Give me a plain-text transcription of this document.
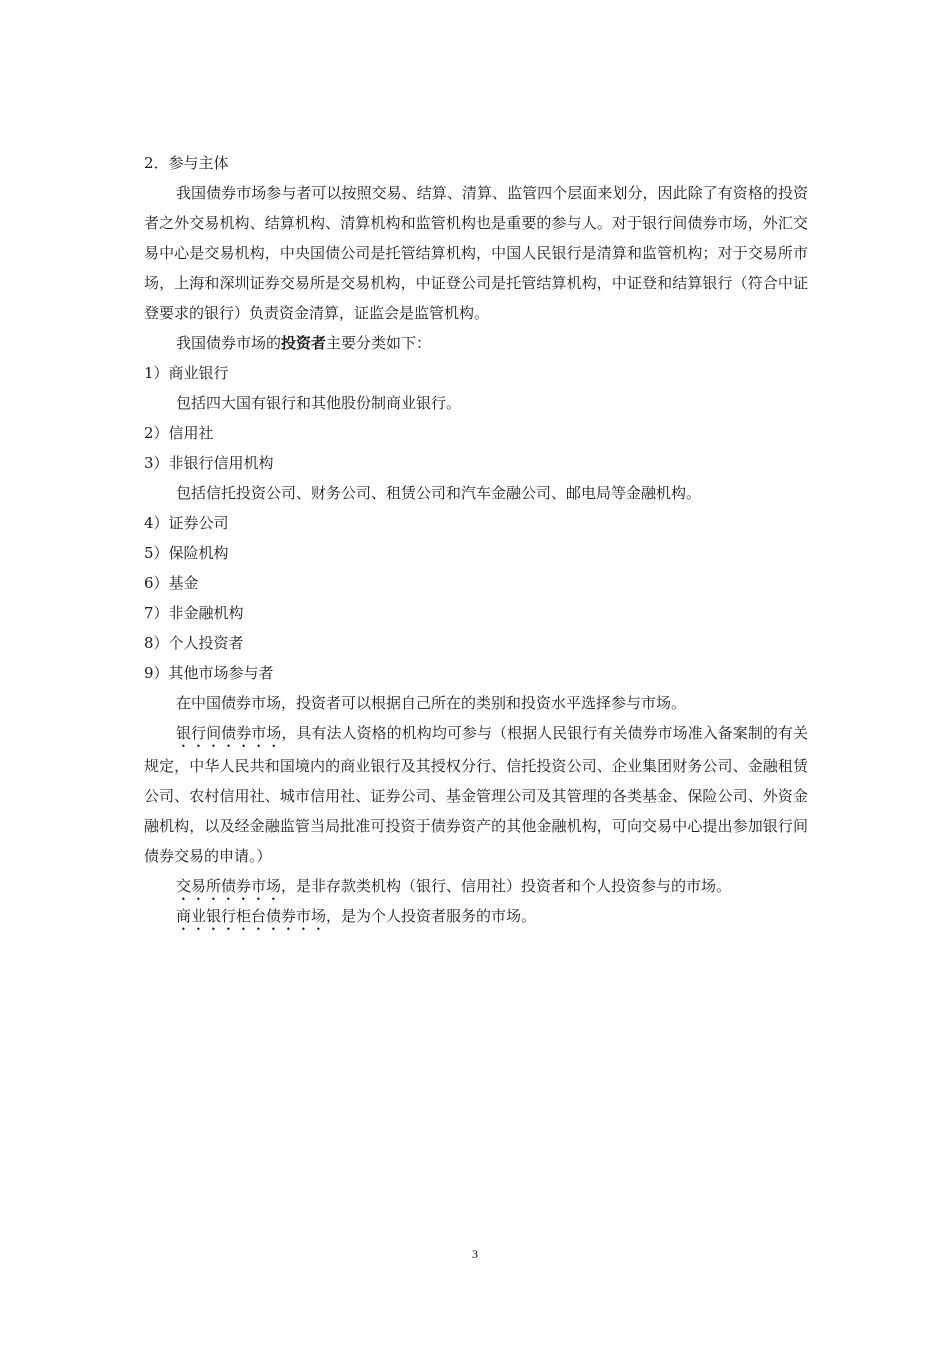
2．参与主体

我国债券市场参与者可以按照交易、结算、清算、监管四个层面来划分，因此除了有资格的投资者之外交易机构、结算机构、清算机构和监管机构也是重要的参与人。对于银行间债券市场，外汇交易中心是交易机构，中央国债公司是托管结算机构，中国人民银行是清算和监管机构；对于交易所市场，上海和深圳证券交易所是交易机构，中证登公司是托管结算机构，中证登和结算银行（符合中证登要求的银行）负责资金清算，证监会是监管机构。

我国债券市场的投资者主要分类如下：
1）商业银行
包括四大国有银行和其他股份制商业银行。
2）信用社
3）非银行信用机构
包括信托投资公司、财务公司、租赁公司和汽车金融公司、邮电局等金融机构。
4）证券公司
5）保险机构
6）基金
7）非金融机构
8）个人投资者
9）其他市场参与者
在中国债券市场，投资者可以根据自己所在的类别和投资水平选择参与市场。

银行间债券市场，具有法人资格的机构均可参与（根据人民银行有关债券市场准入备案制的有关规定，中华人民共和国境内的商业银行及其授权分行、信托投资公司、企业集团财务公司、金融租赁公司、农村信用社、城市信用社、证券公司、基金管理公司及其管理的各类基金、保险公司、外资金融机构，以及经金融监管当局批准可投资于债券资产的其他金融机构，可向交易中心提出参加银行间债券交易的申请。）

交易所债券市场，是非存款类机构（银行、信用社）投资者和个人投资参与的市场。
商业银行柜台债券市场，是为个人投资者服务的市场。
3
